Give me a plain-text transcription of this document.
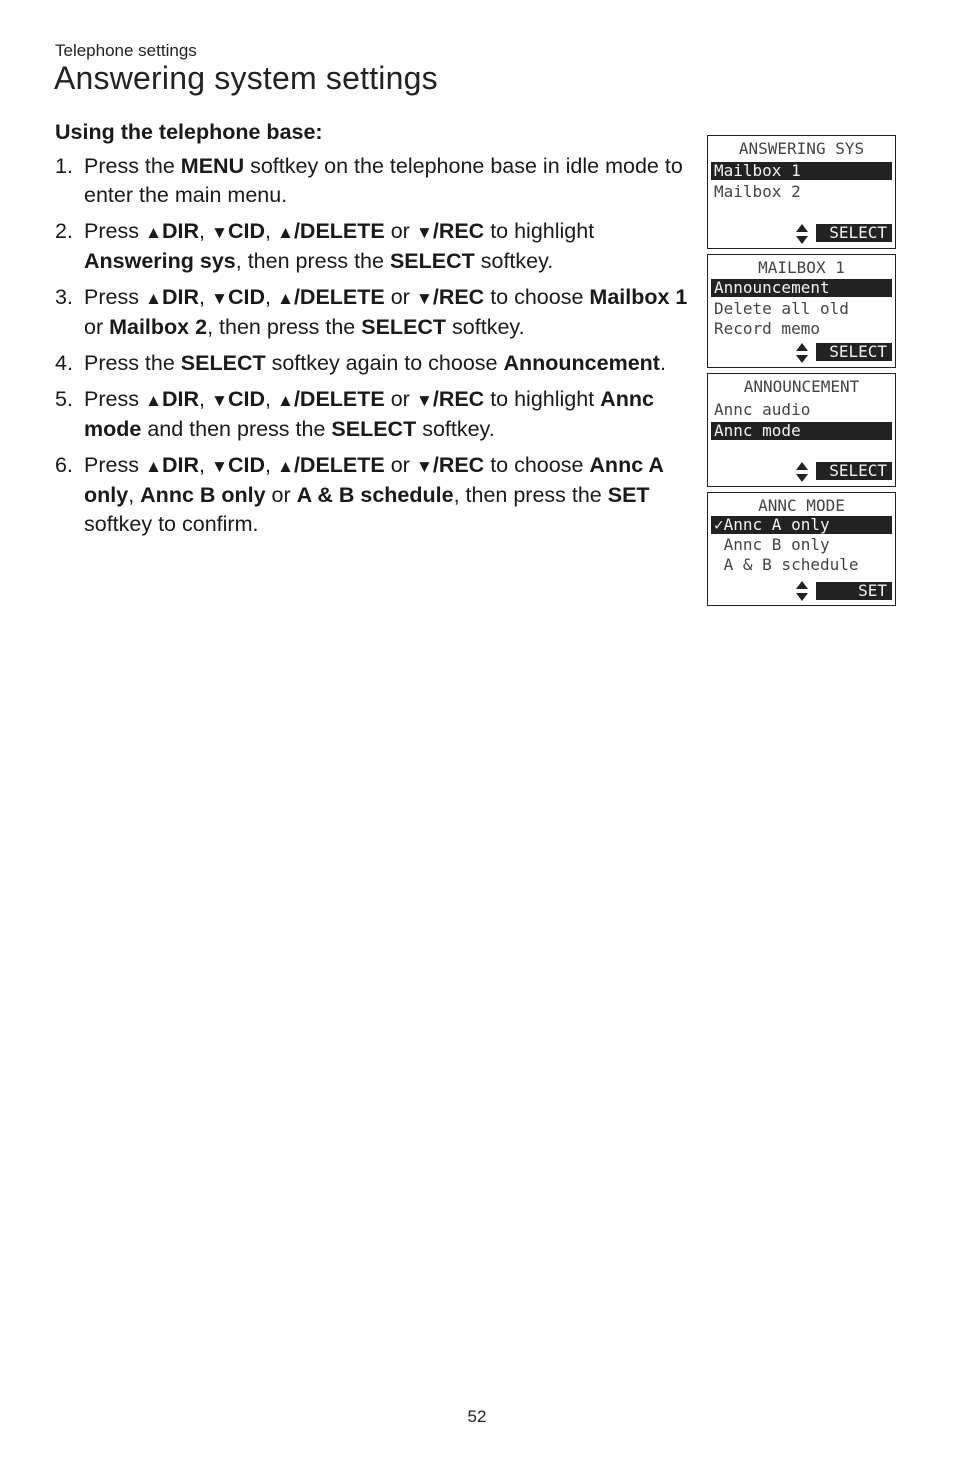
Telephone settings
Answering system settings
Using the telephone base:
1. Press the MENU softkey on the telephone base in idle mode to enter the main menu.
2. Press ▲DIR, ▼CID, ▲/DELETE or ▼/REC to highlight Answering sys, then press the SELECT softkey.
3. Press ▲DIR, ▼CID, ▲/DELETE or ▼/REC to choose Mailbox 1 or Mailbox 2, then press the SELECT softkey.
4. Press the SELECT softkey again to choose Announcement.
5. Press ▲DIR, ▼CID, ▲/DELETE or ▼/REC to highlight Annc mode and then press the SELECT softkey.
6. Press ▲DIR, ▼CID, ▲/DELETE or ▼/REC to choose Annc A only, Annc B only or A & B schedule, then press the SET softkey to confirm.
ANSWERING SYS
Mailbox 1
Mailbox 2
SELECT
MAILBOX 1
Announcement
Delete all old
Record memo
SELECT
ANNOUNCEMENT
Annc audio
Annc mode
SELECT
ANNC MODE
✓Annc A only
Annc B only
A & B schedule
SET
52
